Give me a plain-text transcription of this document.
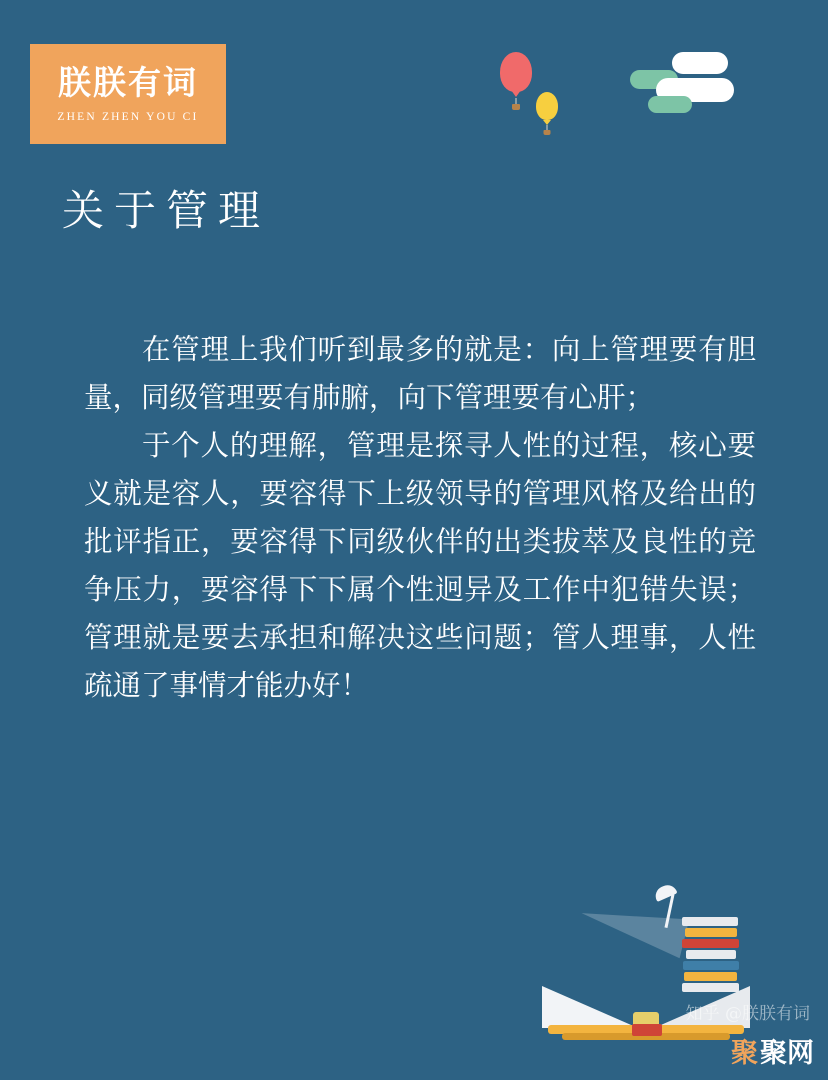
朕朕有词
ZHEN ZHEN YOU CI
关于管理

在管理上我们听到最多的就是：向上管理要有胆量，同级管理要有肺腑，向下管理要有心肝；

于个人的理解，管理是探寻人性的过程，核心要义就是容人，要容得下上级领导的管理风格及给出的批评指正，要容得下同级伙伴的出类拔萃及良性的竞争压力，要容得下下属个性迥异及工作中犯错失误；管理就是要去承担和解决这些问题；管人理事，人性疏通了事情才能办好！

知乎 @朕朕有词
聚 聚网
